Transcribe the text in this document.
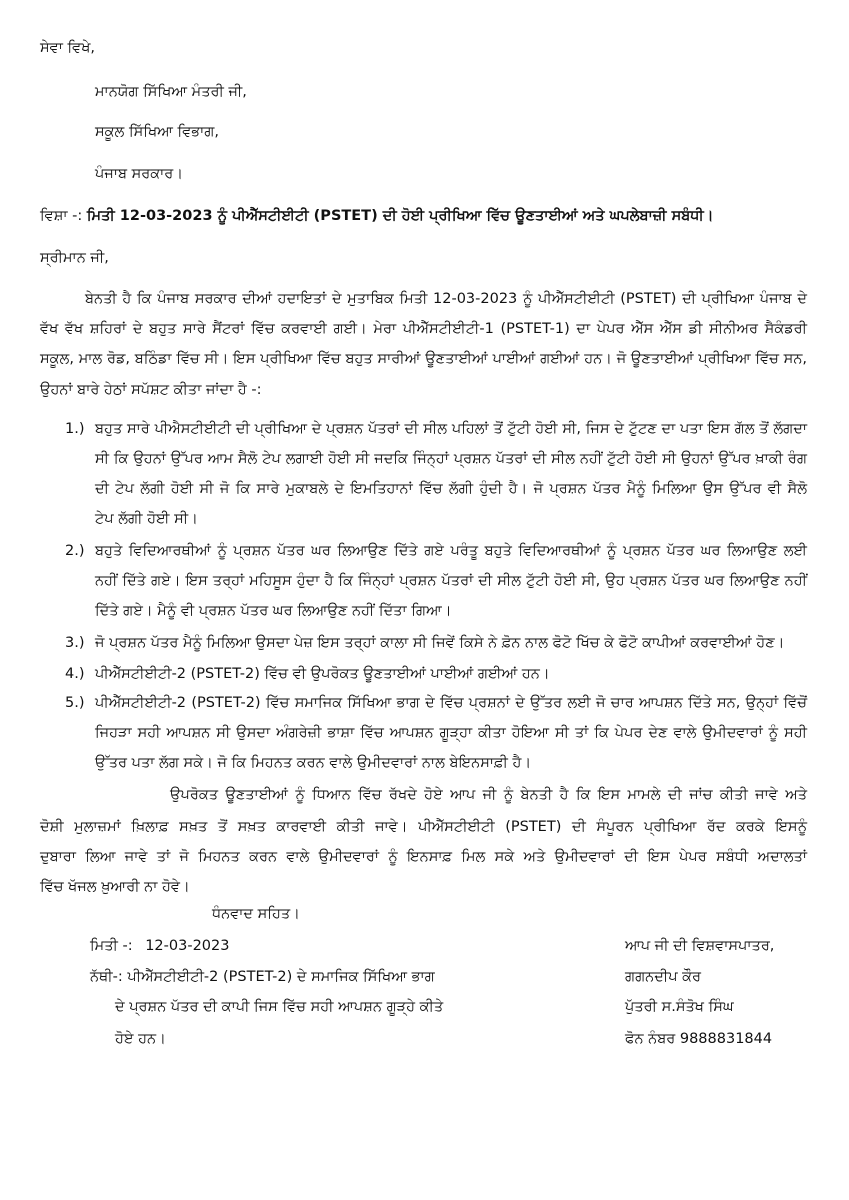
ਸੇਵਾ ਵਿਖੇ,
ਮਾਨਯੋਗ ਸਿੱਖਿਆ ਮੰਤਰੀ ਜੀ,
ਸਕੂਲ ਸਿੱਖਿਆ ਵਿਭਾਗ,
ਪੰਜਾਬ ਸਰਕਾਰ।
ਵਿਸ਼ਾ -: ਮਿਤੀ 12-03-2023 ਨੂੰ ਪੀਐੱਸਟੀਈਟੀ (PSTET) ਦੀ ਹੋਈ ਪ੍ਰੀਖਿਆ ਵਿੱਚ ਊਣਤਾਈਆਂ ਅਤੇ ਘਪਲੇਬਾਜ਼ੀ ਸਬੰਧੀ।
ਸ੍ਰੀਮਾਨ ਜੀ,
ਬੇਨਤੀ ਹੈ ਕਿ ਪੰਜਾਬ ਸਰਕਾਰ ਦੀਆਂ ਹਦਾਇਤਾਂ ਦੇ ਮੁਤਾਬਿਕ ਮਿਤੀ 12-03-2023 ਨੂੰ ਪੀਐੱਸਟੀਈਟੀ (PSTET) ਦੀ ਪ੍ਰੀਖਿਆ ਪੰਜਾਬ ਦੇ
ਵੱਖ ਵੱਖ ਸ਼ਹਿਰਾਂ ਦੇ ਬਹੁਤ ਸਾਰੇ ਸੈਂਟਰਾਂ ਵਿੱਚ ਕਰਵਾਈ ਗਈ। ਮੇਰਾ ਪੀਐੱਸਟੀਈਟੀ-1 (PSTET-1) ਦਾ ਪੇਪਰ ਐੱਸ ਐੱਸ ਡੀ ਸੀਨੀਅਰ ਸੈਕੰਡਰੀ
ਸਕੂਲ, ਮਾਲ ਰੋਡ, ਬਠਿੰਡਾ ਵਿੱਚ ਸੀ। ਇਸ ਪ੍ਰੀਖਿਆ ਵਿੱਚ ਬਹੁਤ ਸਾਰੀਆਂ ਊਣਤਾਈਆਂ ਪਾਈਆਂ ਗਈਆਂ ਹਨ। ਜੋ ਊਣਤਾਈਆਂ ਪ੍ਰੀਖਿਆ ਵਿੱਚ ਸਨ,
ਉਹਨਾਂ ਬਾਰੇ ਹੇਠਾਂ ਸਪੱਸ਼ਟ ਕੀਤਾ ਜਾਂਦਾ ਹੈ -:
1.) ਬਹੁਤ ਸਾਰੇ ਪੀਐਸਟੀਈਟੀ ਦੀ ਪ੍ਰੀਖਿਆ ਦੇ ਪ੍ਰਸ਼ਨ ਪੱਤਰਾਂ ਦੀ ਸੀਲ ਪਹਿਲਾਂ ਤੋਂ ਟੁੱਟੀ ਹੋਈ ਸੀ, ਜਿਸ ਦੇ ਟੁੱਟਣ ਦਾ ਪਤਾ ਇਸ ਗੱਲ ਤੋਂ ਲੱਗਦਾ
ਸੀ ਕਿ ਉਹਨਾਂ ਉੱਪਰ ਆਮ ਸੈਲੋ ਟੇਪ ਲਗਾਈ ਹੋਈ ਸੀ ਜਦਕਿ ਜਿੰਨ੍ਹਾਂ ਪ੍ਰਸ਼ਨ ਪੱਤਰਾਂ ਦੀ ਸੀਲ ਨਹੀਂ ਟੁੱਟੀ ਹੋਈ ਸੀ ਉਹਨਾਂ ਉੱਪਰ ਖ਼ਾਕੀ ਰੰਗ
ਦੀ ਟੇਪ ਲੱਗੀ ਹੋਈ ਸੀ ਜੋ ਕਿ ਸਾਰੇ ਮੁਕਾਬਲੇ ਦੇ ਇਮਤਿਹਾਨਾਂ ਵਿੱਚ ਲੱਗੀ ਹੁੰਦੀ ਹੈ। ਜੋ ਪ੍ਰਸ਼ਨ ਪੱਤਰ ਮੈਨੂੰ ਮਿਲਿਆ ਉਸ ਉੱਪਰ ਵੀ ਸੈਲੋ
ਟੇਪ ਲੱਗੀ ਹੋਈ ਸੀ।
2.) ਬਹੁਤੇ ਵਿਦਿਆਰਥੀਆਂ ਨੂੰ ਪ੍ਰਸ਼ਨ ਪੱਤਰ ਘਰ ਲਿਆਉਣ ਦਿੱਤੇ ਗਏ ਪਰੰਤੂ ਬਹੁਤੇ ਵਿਦਿਆਰਥੀਆਂ ਨੂੰ ਪ੍ਰਸ਼ਨ ਪੱਤਰ ਘਰ ਲਿਆਉਣ ਲਈ
ਨਹੀਂ ਦਿੱਤੇ ਗਏ। ਇਸ ਤਰ੍ਹਾਂ ਮਹਿਸੂਸ ਹੁੰਦਾ ਹੈ ਕਿ ਜਿੰਨ੍ਹਾਂ ਪ੍ਰਸ਼ਨ ਪੱਤਰਾਂ ਦੀ ਸੀਲ ਟੁੱਟੀ ਹੋਈ ਸੀ, ਉਹ ਪ੍ਰਸ਼ਨ ਪੱਤਰ ਘਰ ਲਿਆਉਣ ਨਹੀਂ
ਦਿੱਤੇ ਗਏ। ਮੈਨੂੰ ਵੀ ਪ੍ਰਸ਼ਨ ਪੱਤਰ ਘਰ ਲਿਆਉਣ ਨਹੀਂ ਦਿੱਤਾ ਗਿਆ।
3.) ਜੋ ਪ੍ਰਸ਼ਨ ਪੱਤਰ ਮੈਨੂੰ ਮਿਲਿਆ ਉਸਦਾ ਪੇਜ਼ ਇਸ ਤਰ੍ਹਾਂ ਕਾਲਾ ਸੀ ਜਿਵੇਂ ਕਿਸੇ ਨੇ ਫ਼ੋਨ ਨਾਲ ਫੋਟੋ ਖਿੱਚ ਕੇ ਫੋਟੋ ਕਾਪੀਆਂ ਕਰਵਾਈਆਂ ਹੋਣ।
4.) ਪੀਐੱਸਟੀਈਟੀ-2 (PSTET-2) ਵਿੱਚ ਵੀ ਉਪਰੋਕਤ ਊਣਤਾਈਆਂ ਪਾਈਆਂ ਗਈਆਂ ਹਨ।
5.) ਪੀਐੱਸਟੀਈਟੀ-2 (PSTET-2) ਵਿੱਚ ਸਮਾਜਿਕ ਸਿੱਖਿਆ ਭਾਗ ਦੇ ਵਿੱਚ ਪ੍ਰਸ਼ਨਾਂ ਦੇ ਉੱਤਰ ਲਈ ਜੋ ਚਾਰ ਆਪਸ਼ਨ ਦਿੱਤੇ ਸਨ, ਉਨ੍ਹਾਂ ਵਿੱਚੋਂ
ਜਿਹੜਾ ਸਹੀ ਆਪਸ਼ਨ ਸੀ ਉਸਦਾ ਅੰਗਰੇਜ਼ੀ ਭਾਸ਼ਾ ਵਿੱਚ ਆਪਸ਼ਨ ਗੂੜ੍ਹਾ ਕੀਤਾ ਹੋਇਆ ਸੀ ਤਾਂ ਕਿ ਪੇਪਰ ਦੇਣ ਵਾਲੇ ਉਮੀਦਵਾਰਾਂ ਨੂੰ ਸਹੀ
ਉੱਤਰ ਪਤਾ ਲੱਗ ਸਕੇ। ਜੋ ਕਿ ਮਿਹਨਤ ਕਰਨ ਵਾਲੇ ਉਮੀਦਵਾਰਾਂ ਨਾਲ ਬੇਇਨਸਾਫ਼ੀ ਹੈ।
ਉਪਰੋਕਤ ਊਣਤਾਈਆਂ ਨੂੰ ਧਿਆਨ ਵਿੱਚ ਰੱਖਦੇ ਹੋਏ ਆਪ ਜੀ ਨੂੰ ਬੇਨਤੀ ਹੈ ਕਿ ਇਸ ਮਾਮਲੇ ਦੀ ਜਾਂਚ ਕੀਤੀ ਜਾਵੇ ਅਤੇ
ਦੋਸ਼ੀ ਮੁਲਾਜ਼ਮਾਂ ਖ਼ਿਲਾਫ਼ ਸਖ਼ਤ ਤੋਂ ਸਖ਼ਤ ਕਾਰਵਾਈ ਕੀਤੀ ਜਾਵੇ। ਪੀਐੱਸਟੀਈਟੀ (PSTET) ਦੀ ਸੰਪੂਰਨ ਪ੍ਰੀਖਿਆ ਰੱਦ ਕਰਕੇ ਇਸਨੂੰ
ਦੁਬਾਰਾ ਲਿਆ ਜਾਵੇ ਤਾਂ ਜੋ ਮਿਹਨਤ ਕਰਨ ਵਾਲੇ ਉਮੀਦਵਾਰਾਂ ਨੂੰ ਇਨਸਾਫ਼ ਮਿਲ ਸਕੇ ਅਤੇ ਉਮੀਦਵਾਰਾਂ ਦੀ ਇਸ ਪੇਪਰ ਸਬੰਧੀ ਅਦਾਲਤਾਂ
ਵਿੱਚ ਖੱਜਲ ਖ਼ੁਆਰੀ ਨਾ ਹੋਵੇ।
ਧੰਨਵਾਦ ਸਹਿਤ।
ਮਿਤੀ -: 12-03-2023
ਨੱਥੀ-: ਪੀਐੱਸਟੀਈਟੀ-2 (PSTET-2) ਦੇ ਸਮਾਜਿਕ ਸਿੱਖਿਆ ਭਾਗ
ਦੇ ਪ੍ਰਸ਼ਨ ਪੱਤਰ ਦੀ ਕਾਪੀ ਜਿਸ ਵਿੱਚ ਸਹੀ ਆਪਸ਼ਨ ਗੂੜ੍ਹੇ ਕੀਤੇ
ਹੋਏ ਹਨ।
ਆਪ ਜੀ ਦੀ ਵਿਸ਼ਵਾਸਪਾਤਰ,
ਗਗਨਦੀਪ ਕੌਰ
ਪੁੱਤਰੀ ਸ.ਸੰਤੋਖ ਸਿੰਘ
ਫੋਨ ਨੰਬਰ 9888831844
